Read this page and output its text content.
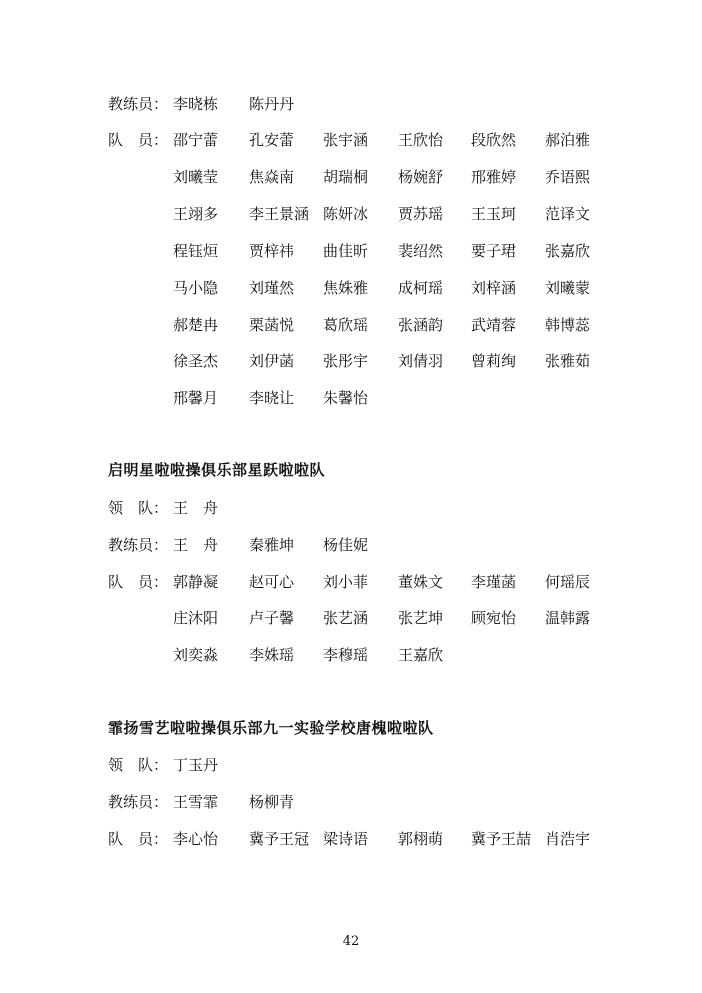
教练员： 李晓栋 陈丹丹
队　员： 邵宁蕾 孔安蕾 张宇涵 王欣怡 段欣然 郝泊雅
刘曦莹 焦焱南 胡瑞桐 杨婉舒 邢雅婷 乔语熙
王翊多 李王景涵 陈妍冰 贾苏瑶 王玉珂 范译文
程钰烜 贾梓祎 曲佳昕 裴绍然 要子珺 张嘉欣
马小隐 刘瑾然 焦姝雅 成柯瑶 刘梓涵 刘曦蒙
郝楚冉 栗菡悦 葛欣瑶 张涵韵 武靖蓉 韩博蕊
徐圣杰 刘伊菡 张彤宇 刘倩羽 曾莉绚 张雅茹
邢馨月 李晓让 朱馨怡
启明星啦啦操俱乐部星跃啦啦队
领　队： 王　舟
教练员： 王　舟 秦雅坤 杨佳妮
队　员： 郭静凝 赵可心 刘小菲 董姝文 李瑾菡 何瑶辰
庄沐阳 卢子馨 张艺涵 张艺坤 顾宛怡 温韩露
刘奕淼 李姝瑶 李穆瑶 王嘉欣
霏扬雪艺啦啦操俱乐部九一实验学校唐槐啦啦队
领　队： 丁玉丹
教练员： 王雪霏 杨柳青
队　员： 李心怡 冀予王冠 梁诗语 郭栩萌 冀予王喆 肖浩宇
42
